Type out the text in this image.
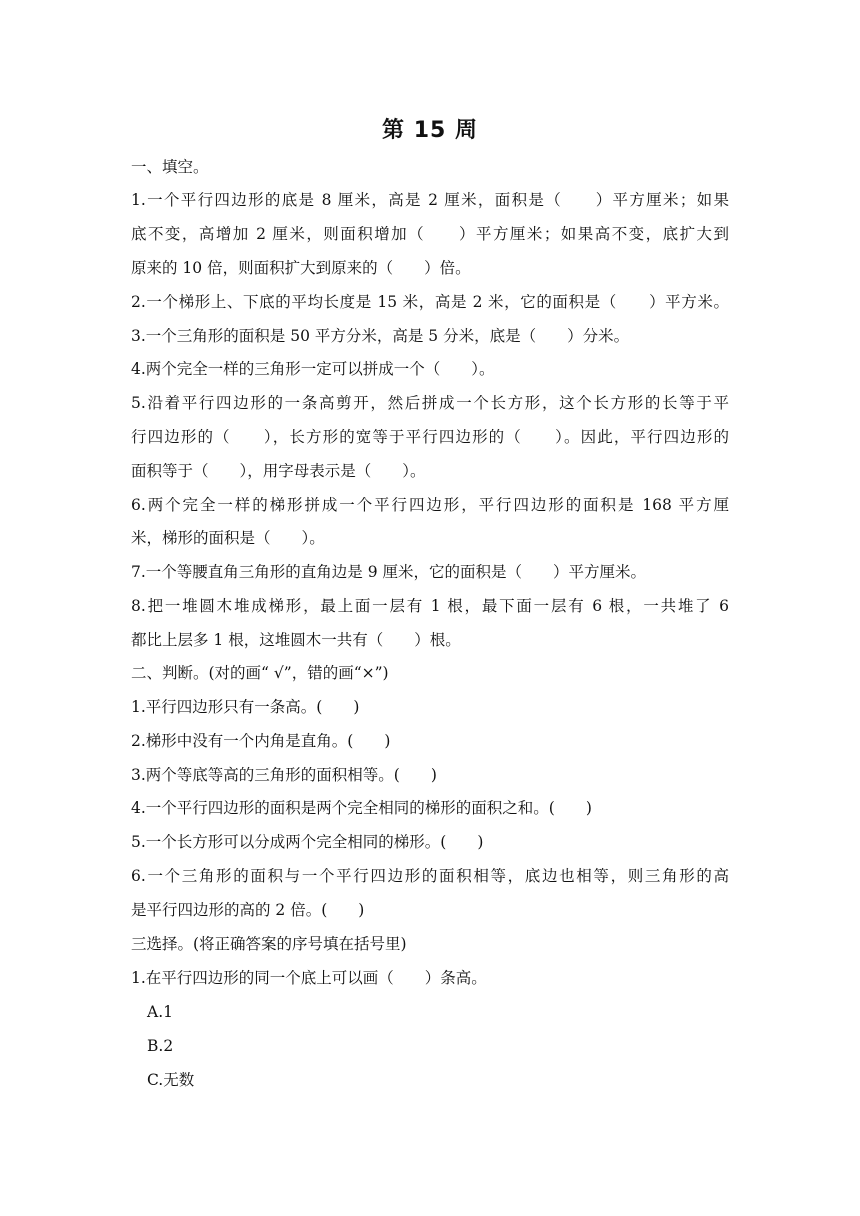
第 15 周
一、填空。
1.一个平行四边形的底是 8 厘米，高是 2 厘米，面积是（　　）平方厘米；如果
底不变，高增加 2 厘米，则面积增加（　　）平方厘米；如果高不变，底扩大到
原来的 10 倍，则面积扩大到原来的（　　）倍。
2.一个梯形上、下底的平均长度是 15 米，高是 2 米，它的面积是（　　）平方米。
3.一个三角形的面积是 50 平方分米，高是 5 分米，底是（　　）分米。
4.两个完全一样的三角形一定可以拼成一个（　　）。
5.沿着平行四边形的一条高剪开，然后拼成一个长方形，这个长方形的长等于平
行四边形的（　　），长方形的宽等于平行四边形的（　　）。因此，平行四边形的
面积等于（　　），用字母表示是（　　）。
6.两个完全一样的梯形拼成一个平行四边形，平行四边形的面积是 168 平方厘
米，梯形的面积是（　　）。
7.一个等腰直角三角形的直角边是 9 厘米，它的面积是（　　）平方厘米。
8.把一堆圆木堆成梯形，最上面一层有 1 根，最下面一层有 6 根，一共堆了 6
都比上层多 1 根，这堆圆木一共有（　　）根。
二、判断。(对的画“ √”，错的画“×”)
1.平行四边形只有一条高。(　　)
2.梯形中没有一个内角是直角。(　　)
3.两个等底等高的三角形的面积相等。(　　)
4.一个平行四边形的面积是两个完全相同的梯形的面积之和。(　　)
5.一个长方形可以分成两个完全相同的梯形。(　　)
6.一个三角形的面积与一个平行四边形的面积相等，底边也相等，则三角形的高
是平行四边形的高的 2 倍。(　　)
三选择。(将正确答案的序号填在括号里)
1.在平行四边形的同一个底上可以画（　　）条高。
A.1
B.2
C.无数
